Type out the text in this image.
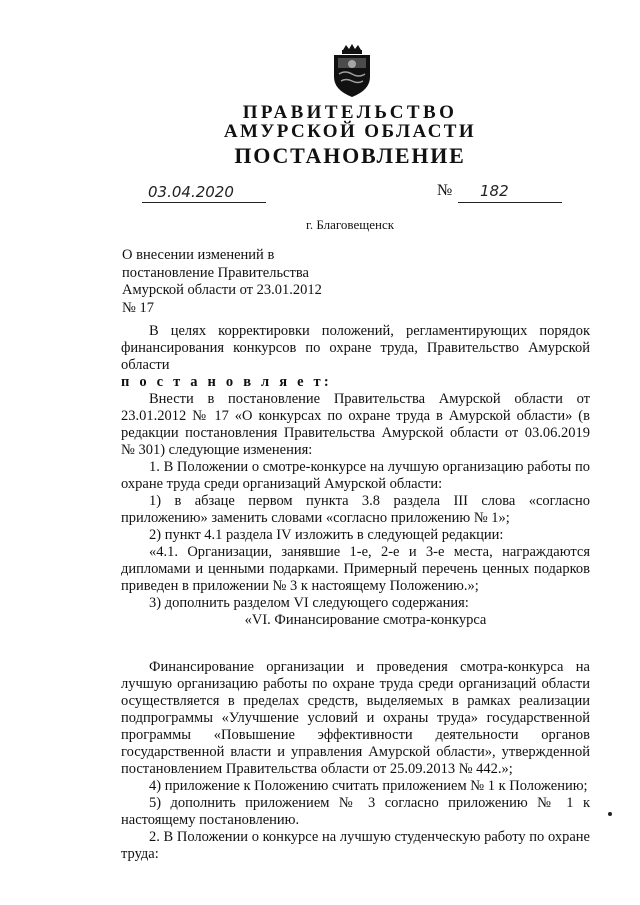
ПРАВИТЕЛЬСТВО
АМУРСКОЙ ОБЛАСТИ
ПОСТАНОВЛЕНИЕ
03.04.2020	№ 182
г. Благовещенск
О внесении изменений в
постановление Правительства
Амурской области от 23.01.2012
№ 17

В целях корректировки положений, регламентирующих порядок финансирования конкурсов по охране труда, Правительство Амурской области

п о с т а н о в л я е т:

Внести в постановление Правительства Амурской области от 23.01.2012 № 17 «О конкурсах по охране труда в Амурской области» (в редакции постановления Правительства Амурской области от 03.06.2019 № 301) следующие изменения:

1. В Положении о смотре-конкурсе на лучшую организацию работы по охране труда среди организаций Амурской области:

1) в абзаце первом пункта 3.8 раздела III слова «согласно приложению» заменить словами «согласно приложению № 1»;

2) пункт 4.1 раздела IV изложить в следующей редакции:

«4.1. Организации, занявшие 1-е, 2-е и 3-е места, награждаются дипломами и ценными подарками. Примерный перечень ценных подарков приведен в приложении № 3 к настоящему Положению.»;

3) дополнить разделом VI следующего содержания:

«VI. Финансирование смотра-конкурса

Финансирование организации и проведения смотра-конкурса на лучшую организацию работы по охране труда среди организаций области осуществляется в пределах средств, выделяемых в рамках реализации подпрограммы «Улучшение условий и охраны труда» государственной программы «Повышение эффективности деятельности органов государственной власти и управления Амурской области», утвержденной постановлением Правительства области от 25.09.2013 № 442.»;

4) приложение к Положению считать приложением № 1 к Положению;

5) дополнить приложением № 3 согласно приложению № 1 к настоящему постановлению.

2. В Положении о конкурсе на лучшую студенческую работу по охране труда:
